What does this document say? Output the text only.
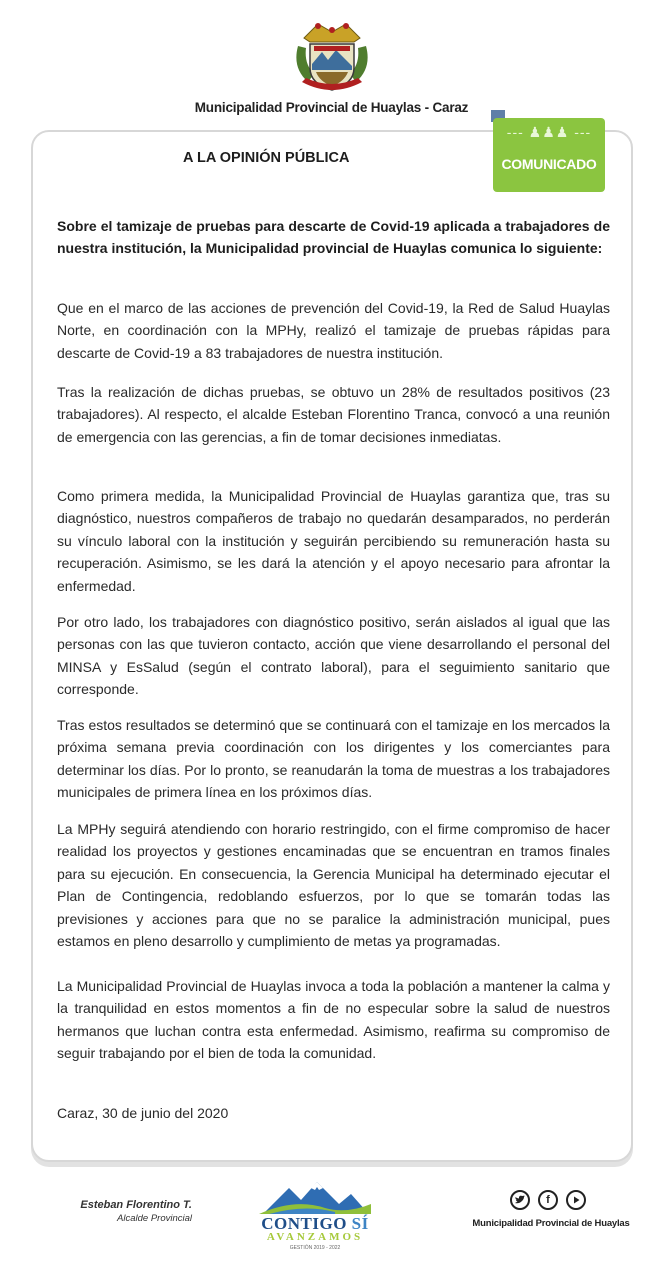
Municipalidad Provincial de Huaylas - Caraz
--- ♟♟♟ ---
COMUNICADO
A LA OPINIÓN PÚBLICA

Sobre el tamizaje de pruebas para descarte de Covid-19 aplicada a trabajadores de nuestra institución, la Municipalidad provincial de Huaylas comunica lo siguiente:

Que en el marco de las acciones de prevención del Covid-19, la Red de Salud Huaylas Norte, en coordinación con la MPHy, realizó el tamizaje de pruebas rápidas para descarte de Covid-19 a 83 trabajadores de nuestra institución.

Tras la realización de dichas pruebas, se obtuvo un 28% de resultados positivos (23 trabajadores). Al respecto, el alcalde Esteban Florentino Tranca, convocó a una reunión de emergencia con las gerencias, a fin de tomar decisiones inmediatas.

Como primera medida, la Municipalidad Provincial de Huaylas garantiza que, tras su diagnóstico, nuestros compañeros de trabajo no quedarán desamparados, no perderán su vínculo laboral con la institución y seguirán percibiendo su remuneración hasta su recuperación. Asimismo, se les dará la atención y el apoyo necesario para afrontar la enfermedad.

Por otro lado, los trabajadores con diagnóstico positivo, serán aislados al igual que las personas con las que tuvieron contacto, acción que viene desarrollando el personal del MINSA y EsSalud (según el contrato laboral), para el seguimiento sanitario que corresponde.

Tras estos resultados se determinó que se continuará con el tamizaje en los mercados la próxima semana previa coordinación con los dirigentes y los comerciantes para determinar los días. Por lo pronto, se reanudarán la toma de muestras a los trabajadores municipales de primera línea en los próximos días.

La MPHy seguirá atendiendo con horario restringido, con el firme compromiso de hacer realidad los proyectos y gestiones encaminadas que se encuentran en tramos finales para su ejecución. En consecuencia, la Gerencia Municipal ha determinado ejecutar el Plan de Contingencia, redoblando esfuerzos, por lo que se tomarán todas las previsiones y acciones para que no se paralice la administración municipal, pues estamos en pleno desarrollo y cumplimiento de metas ya programadas.

La Municipalidad Provincial de Huaylas invoca a toda la población a mantener la calma y la tranquilidad en estos momentos a fin de no especular sobre la salud de nuestros hermanos que luchan contra esta enfermedad. Asimismo, reafirma su compromiso de seguir trabajando por el bien de toda la comunidad.

Caraz, 30 de junio del 2020

Esteban Florentino T.
Alcalde Provincial	CONTIGO SÍ
AVANZAMOS
GESTIÓN 2019 - 2022
f
Municipalidad Provincial de Huaylas
